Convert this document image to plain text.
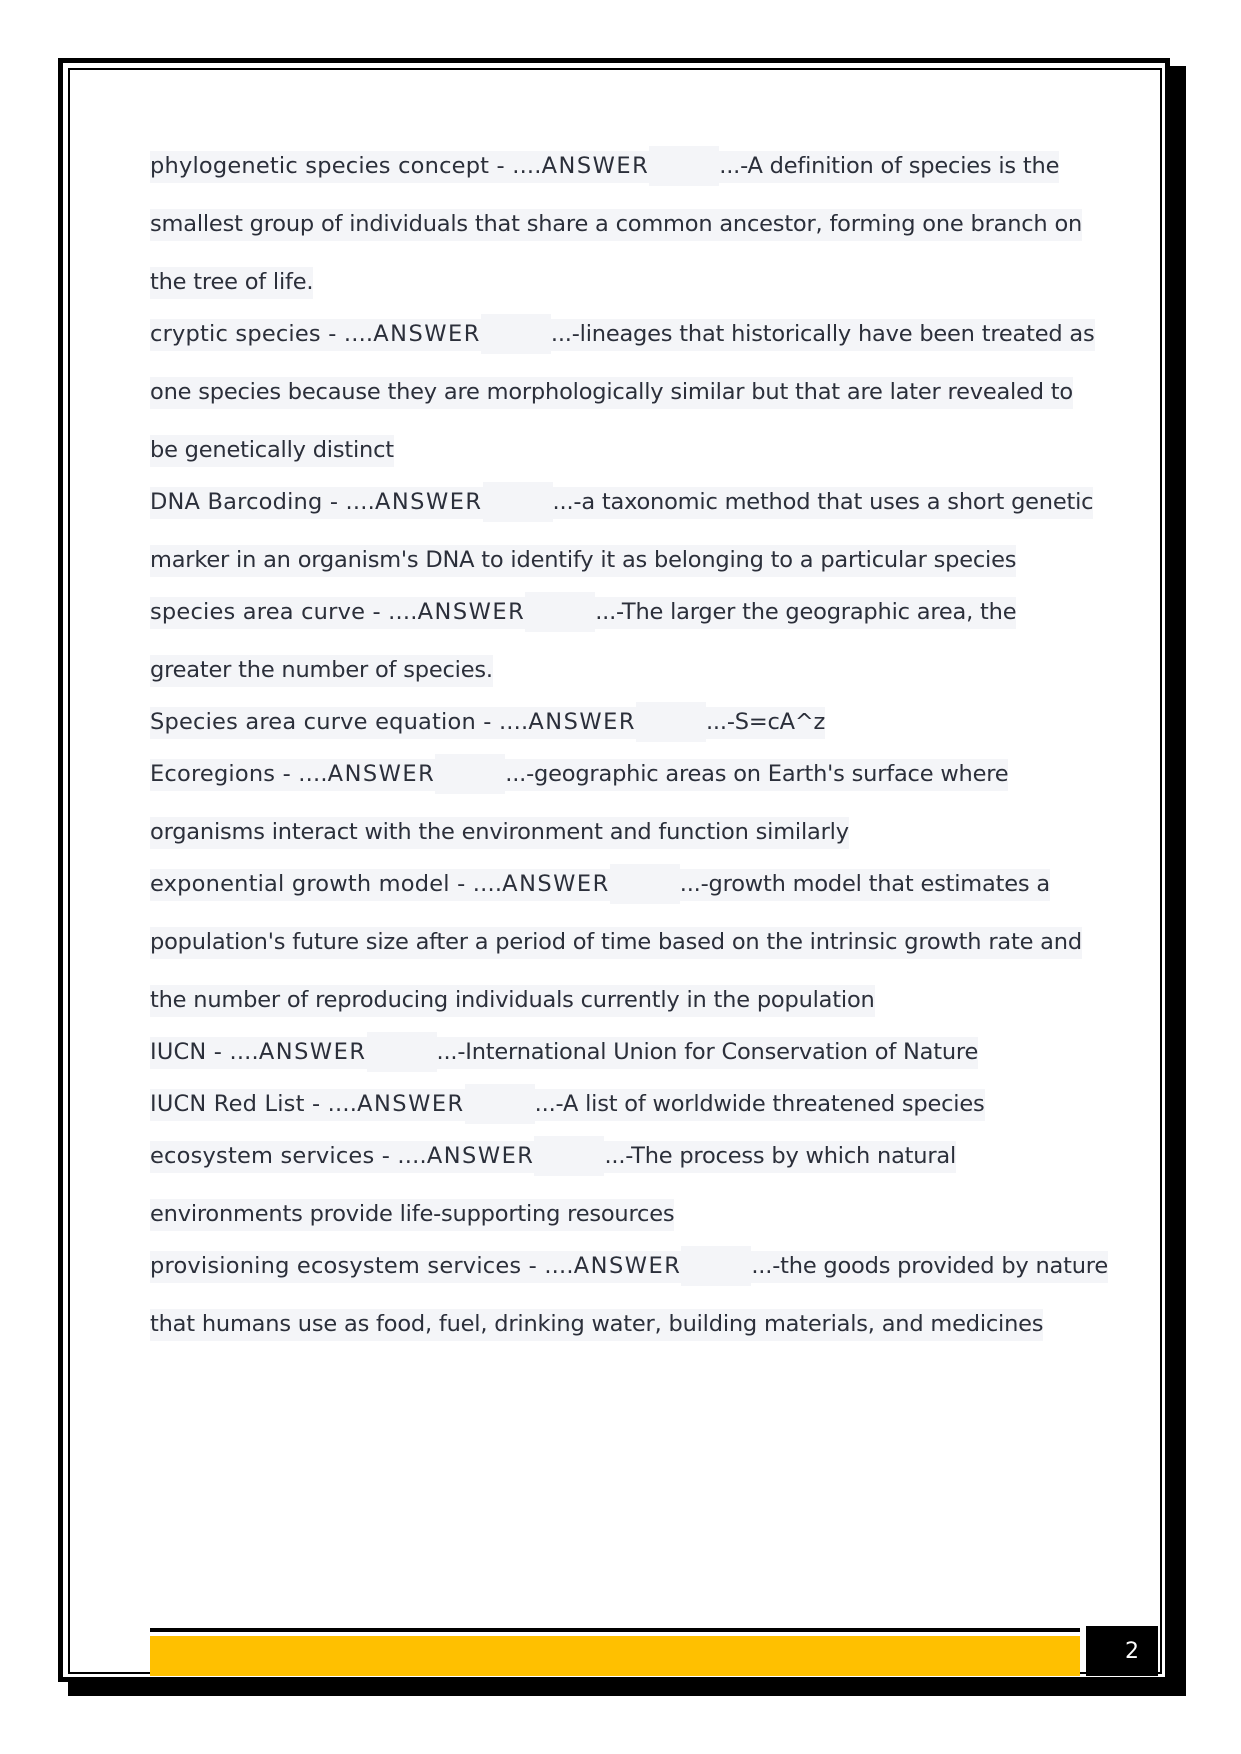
phylogenetic species concept - ....ANSWER	...-A definition of species is the
smallest group of individuals that share a common ancestor, forming one branch on
the tree of life.
cryptic species - ....ANSWER	...-lineages that historically have been treated as
one species because they are morphologically similar but that are later revealed to
be genetically distinct
DNA Barcoding - ....ANSWER	...-a taxonomic method that uses a short genetic
marker in an organism's DNA to identify it as belonging to a particular species
species area curve - ....ANSWER	...-The larger the geographic area, the
greater the number of species.
Species area curve equation - ....ANSWER	...-S=cA^z
Ecoregions - ....ANSWER	...-geographic areas on Earth's surface where
organisms interact with the environment and function similarly
exponential growth model - ....ANSWER	...-growth model that estimates a
population's future size after a period of time based on the intrinsic growth rate and
the number of reproducing individuals currently in the population
IUCN - ....ANSWER	...-International Union for Conservation of Nature
IUCN Red List - ....ANSWER	...-A list of worldwide threatened species
ecosystem services - ....ANSWER	...-The process by which natural
environments provide life-supporting resources
provisioning ecosystem services - ....ANSWER	...-the goods provided by nature
that humans use as food, fuel, drinking water, building materials, and medicines
2
